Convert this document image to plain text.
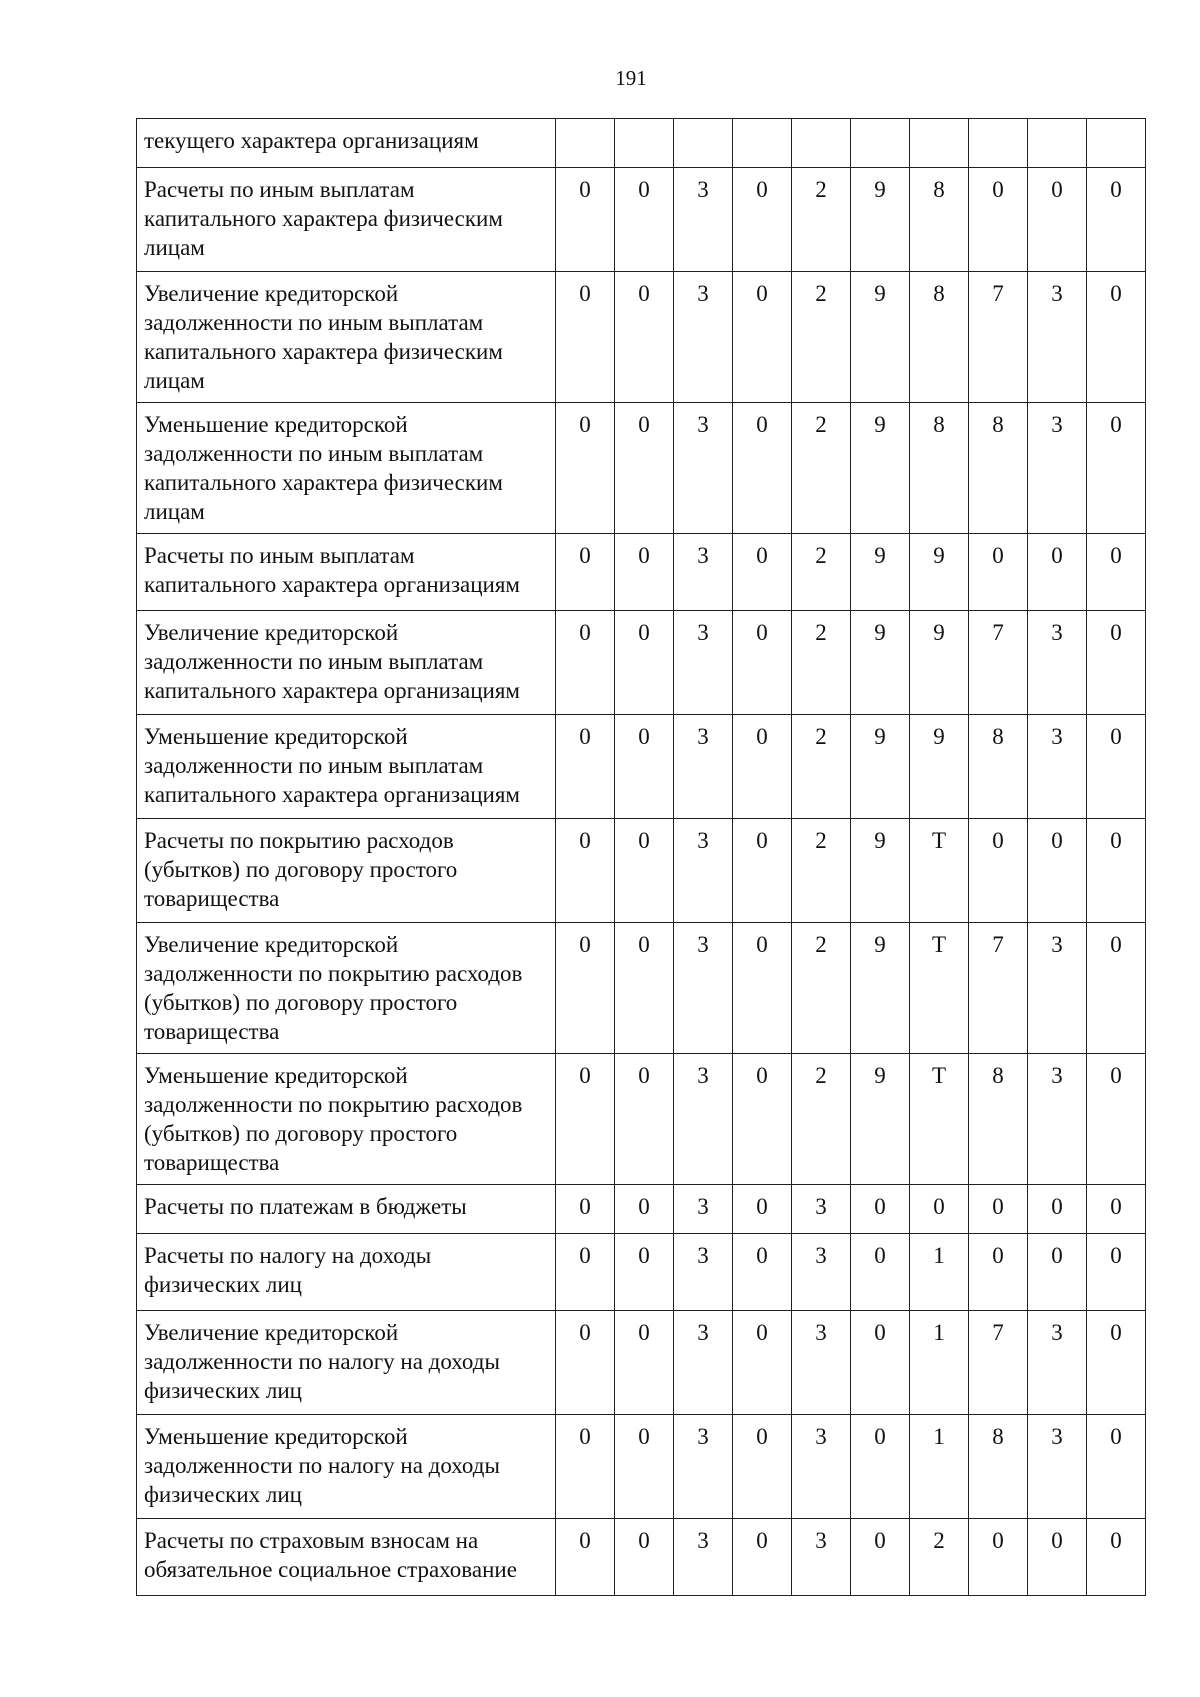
191
текущего характера организациям										
Расчеты по иным выплатам капитального характера физическим лицам	0	0	3	0	2	9	8	0	0	0
Увеличение кредиторской задолженности по иным выплатам капитального характера физическим лицам	0	0	3	0	2	9	8	7	3	0
Уменьшение кредиторской задолженности по иным выплатам капитального характера физическим лицам	0	0	3	0	2	9	8	8	3	0
Расчеты по иным выплатам капитального характера организациям	0	0	3	0	2	9	9	0	0	0
Увеличение кредиторской задолженности по иным выплатам капитального характера организациям	0	0	3	0	2	9	9	7	3	0
Уменьшение кредиторской задолженности по иным выплатам капитального характера организациям	0	0	3	0	2	9	9	8	3	0
Расчеты по покрытию расходов (убытков) по договору простого товарищества	0	0	3	0	2	9	T	0	0	0
Увеличение кредиторской задолженности по покрытию расходов (убытков) по договору простого товарищества	0	0	3	0	2	9	T	7	3	0
Уменьшение кредиторской задолженности по покрытию расходов (убытков) по договору простого товарищества	0	0	3	0	2	9	T	8	3	0
Расчеты по платежам в бюджеты	0	0	3	0	3	0	0	0	0	0
Расчеты по налогу на доходы физических лиц	0	0	3	0	3	0	1	0	0	0
Увеличение кредиторской задолженности по налогу на доходы физических лиц	0	0	3	0	3	0	1	7	3	0
Уменьшение кредиторской задолженности по налогу на доходы физических лиц	0	0	3	0	3	0	1	8	3	0
Расчеты по страховым взносам на обязательное социальное страхование	0	0	3	0	3	0	2	0	0	0
